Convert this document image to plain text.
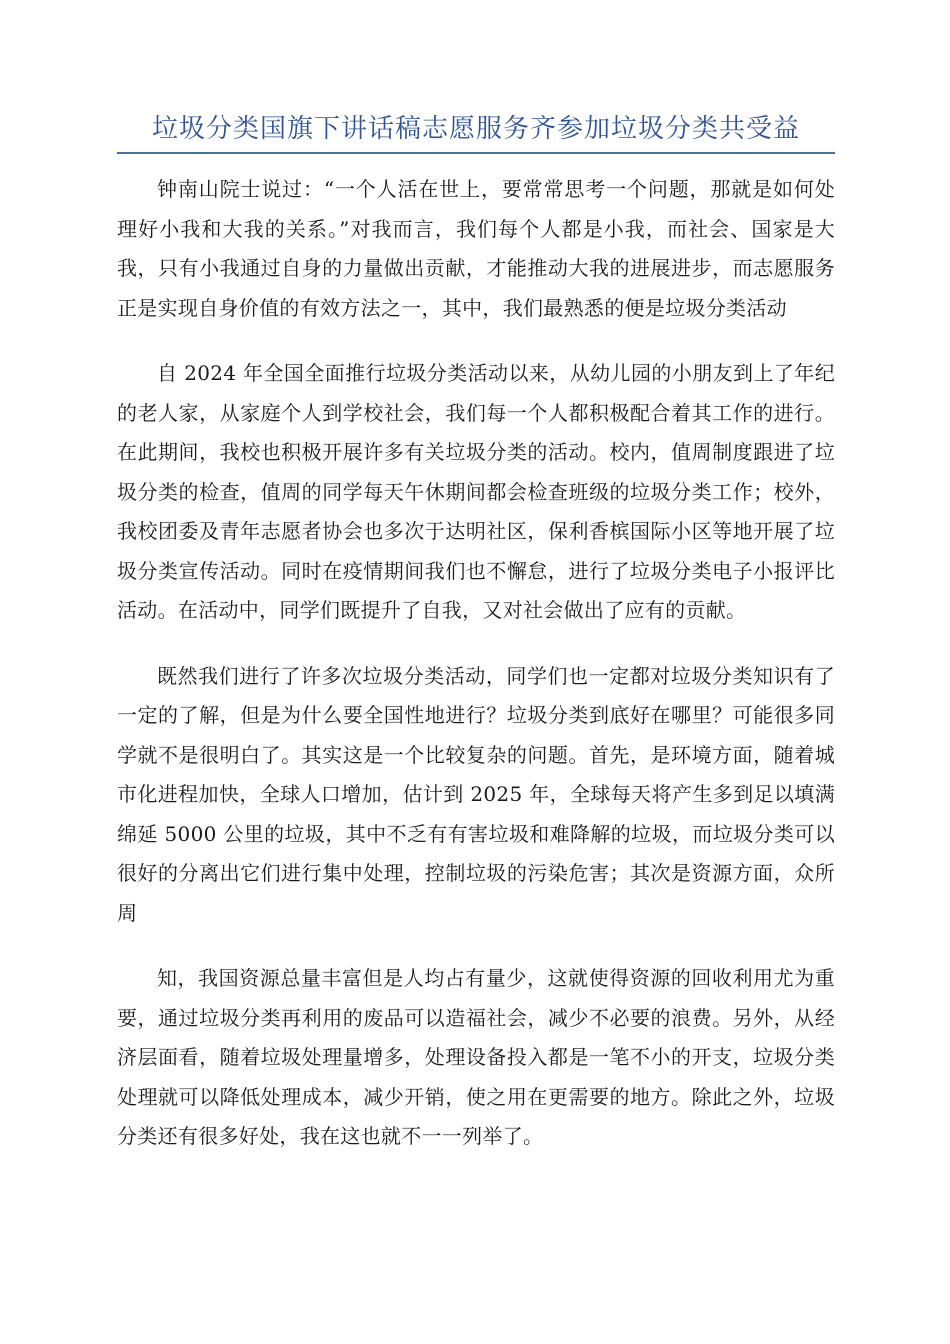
垃圾分类国旗下讲话稿志愿服务齐参加垃圾分类共受益

钟南山院士说过：“一个人活在世上，要常常思考一个问题，那就是如何处理好小我和大我的关系。”对我而言，我们每个人都是小我，而社会、国家是大我，只有小我通过自身的力量做出贡献，才能推动大我的进展进步，而志愿服务正是实现自身价值的有效方法之一，其中，我们最熟悉的便是垃圾分类活动

自 2024 年全国全面推行垃圾分类活动以来，从幼儿园的小朋友到上了年纪的老人家，从家庭个人到学校社会，我们每一个人都积极配合着其工作的进行。在此期间，我校也积极开展许多有关垃圾分类的活动。校内，值周制度跟进了垃圾分类的检查，值周的同学每天午休期间都会检查班级的垃圾分类工作；校外，我校团委及青年志愿者协会也多次于达明社区，保利香槟国际小区等地开展了垃圾分类宣传活动。同时在疫情期间我们也不懈怠，进行了垃圾分类电子小报评比活动。在活动中，同学们既提升了自我，又对社会做出了应有的贡献。

既然我们进行了许多次垃圾分类活动，同学们也一定都对垃圾分类知识有了一定的了解，但是为什么要全国性地进行？垃圾分类到底好在哪里？可能很多同学就不是很明白了。其实这是一个比较复杂的问题。首先，是环境方面，随着城市化进程加快，全球人口增加，估计到 2025 年，全球每天将产生多到足以填满绵延 5000 公里的垃圾，其中不乏有有害垃圾和难降解的垃圾，而垃圾分类可以很好的分离出它们进行集中处理，控制垃圾的污染危害；其次是资源方面，众所周

知，我国资源总量丰富但是人均占有量少，这就使得资源的回收利用尤为重要，通过垃圾分类再利用的废品可以造福社会，减少不必要的浪费。另外，从经济层面看，随着垃圾处理量增多，处理设备投入都是一笔不小的开支，垃圾分类处理就可以降低处理成本，减少开销，使之用在更需要的地方。除此之外，垃圾分类还有很多好处，我在这也就不一一列举了。
